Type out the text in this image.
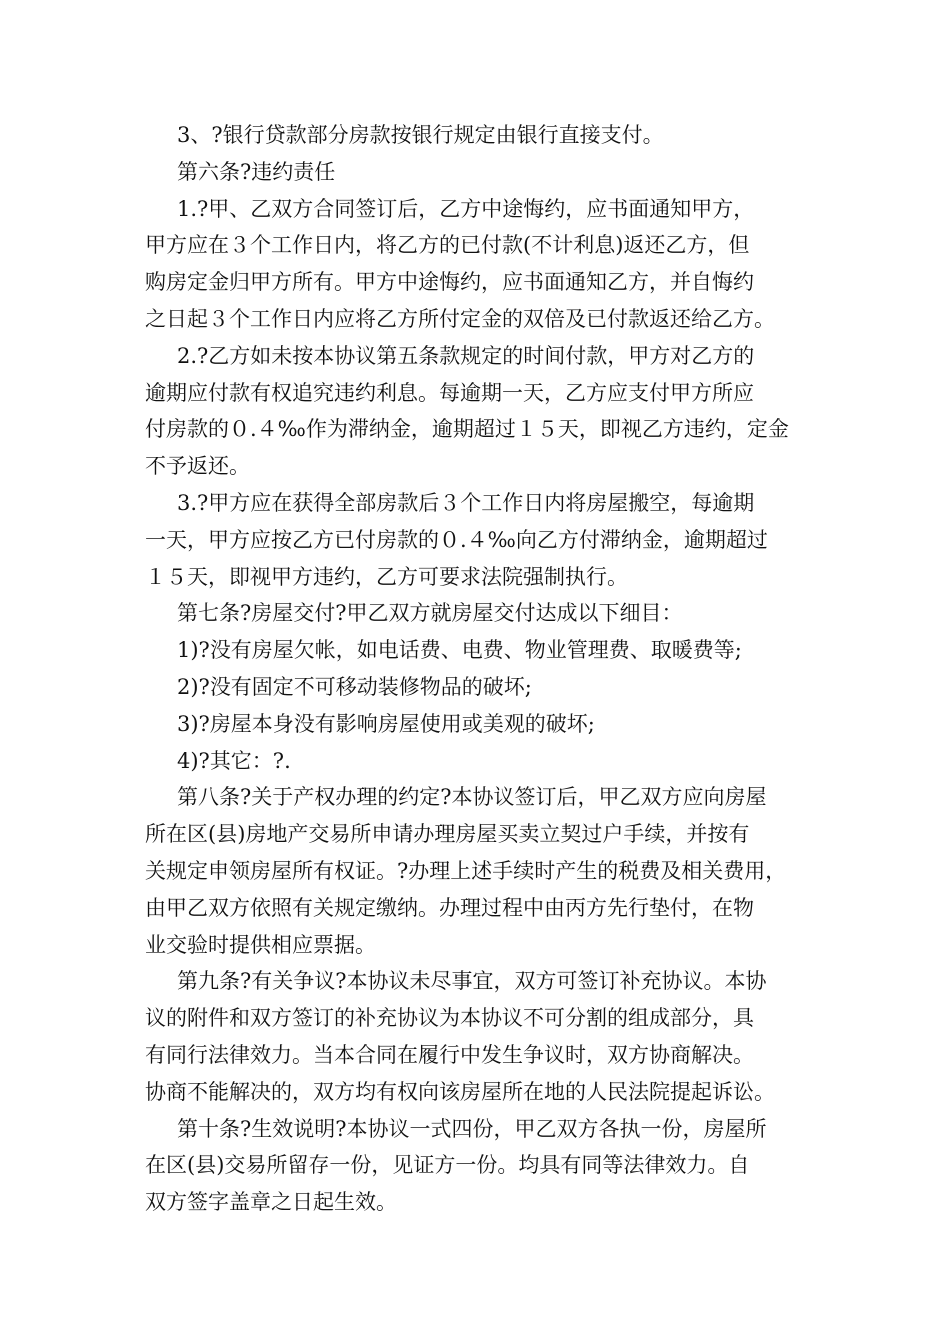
3、?银行贷款部分房款按银行规定由银行直接支付。

第六条?违约责任

1.?甲、乙双方合同签订后，乙方中途悔约，应书面通知甲方，
甲方应在３个工作日内，将乙方的已付款(不计利息)返还乙方，但
购房定金归甲方所有。甲方中途悔约，应书面通知乙方，并自悔约
之日起３个工作日内应将乙方所付定金的双倍及已付款返还给乙方。

2.?乙方如未按本协议第五条款规定的时间付款，甲方对乙方的
逾期应付款有权追究违约利息。每逾期一天，乙方应支付甲方所应
付房款的０.４‰作为滞纳金，逾期超过１５天，即视乙方违约，定金
不予返还。

3.?甲方应在获得全部房款后３个工作日内将房屋搬空，每逾期
一天，甲方应按乙方已付房款的０.４‰向乙方付滞纳金，逾期超过
１５天，即视甲方违约，乙方可要求法院强制执行。

第七条?房屋交付?甲乙双方就房屋交付达成以下细目：

1)?没有房屋欠帐，如电话费、电费、物业管理费、取暖费等;

2)?没有固定不可移动装修物品的破坏;

3)?房屋本身没有影响房屋使用或美观的破坏;

4)?其它：?.

第八条?关于产权办理的约定?本协议签订后，甲乙双方应向房屋
所在区(县)房地产交易所申请办理房屋买卖立契过户手续，并按有
关规定申领房屋所有权证。?办理上述手续时产生的税费及相关费用，
由甲乙双方依照有关规定缴纳。办理过程中由丙方先行垫付，在物
业交验时提供相应票据。

第九条?有关争议?本协议未尽事宜，双方可签订补充协议。本协
议的附件和双方签订的补充协议为本协议不可分割的组成部分，具
有同行法律效力。当本合同在履行中发生争议时，双方协商解决。
协商不能解决的，双方均有权向该房屋所在地的人民法院提起诉讼。

第十条?生效说明?本协议一式四份，甲乙双方各执一份，房屋所
在区(县)交易所留存一份，见证方一份。均具有同等法律效力。自
双方签字盖章之日起生效。
